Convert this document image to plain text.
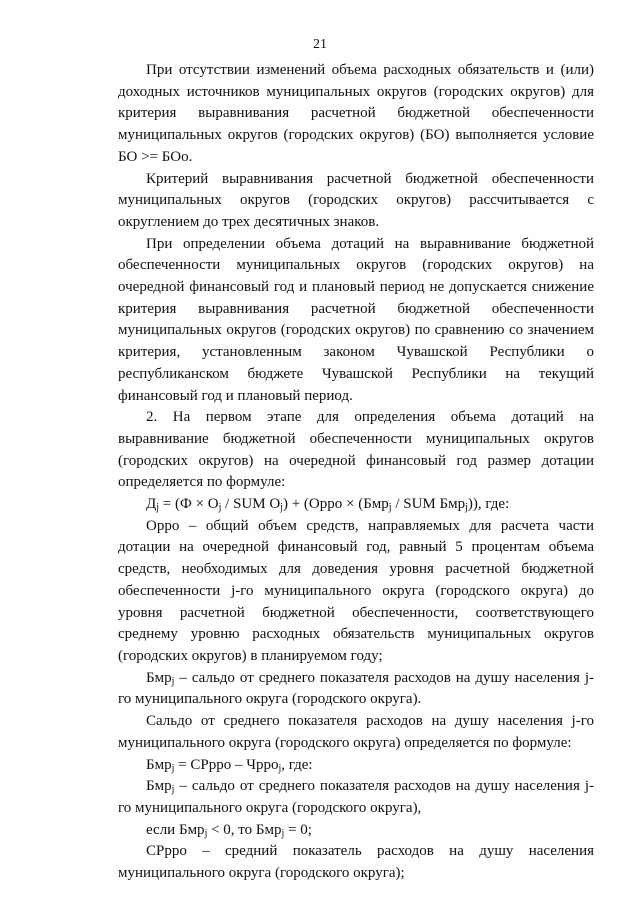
21

При отсутствии изменений объема расходных обязательств и (или) доходных источников муниципальных округов (городских округов) для критерия выравнивания расчетной бюджетной обеспеченности муниципальных округов (городских округов) (БО) выполняется условие БО >= БОо.

Критерий выравнивания расчетной бюджетной обеспеченности муниципальных округов (городских округов) рассчитывается с округлением до трех десятичных знаков.

При определении объема дотаций на выравнивание бюджетной обеспеченности муниципальных округов (городских округов) на очередной финансовый год и плановый период не допускается снижение критерия выравнивания расчетной бюджетной обеспеченности муниципальных округов (городских округов) по сравнению со значением критерия, установленным законом Чувашской Республики о республиканском бюджете Чувашской Республики на текущий финансовый год и плановый период.

2. На первом этапе для определения объема дотаций на выравнивание бюджетной обеспеченности муниципальных округов (городских округов) на очередной финансовый год размер дотации определяется по формуле:

$Д_j = (Ф \times О_j$ / SUM $О_j$) + (Орро × (Бмр$_j$ / SUM Бмр$_j$)), где:

Орро – общий объем средств, направляемых для расчета части дотации на очередной финансовый год, равный 5 процентам объема средств, необходимых для доведения уровня расчетной бюджетной обеспеченности j-го муниципального округа (городского округа) до уровня расчетной бюджетной обеспеченности, соответствующего среднему уровню расходных обязательств муниципальных округов (городских округов) в планируемом году;

Бмр$_j$ – сальдо от среднего показателя расходов на душу населения j-го муниципального округа (городского округа).

Сальдо от среднего показателя расходов на душу населения j-го муниципального округа (городского округа) определяется по формуле:

Бмр$_j$ = СРрро – Чрро$_j$, где:

Бмр$_j$ – сальдо от среднего показателя расходов на душу населения j-го муниципального округа (городского округа),

если Бмр$_j$ < 0, то Бмр$_j$ = 0;

СРрро – средний показатель расходов на душу населения муниципального округа (городского округа);
